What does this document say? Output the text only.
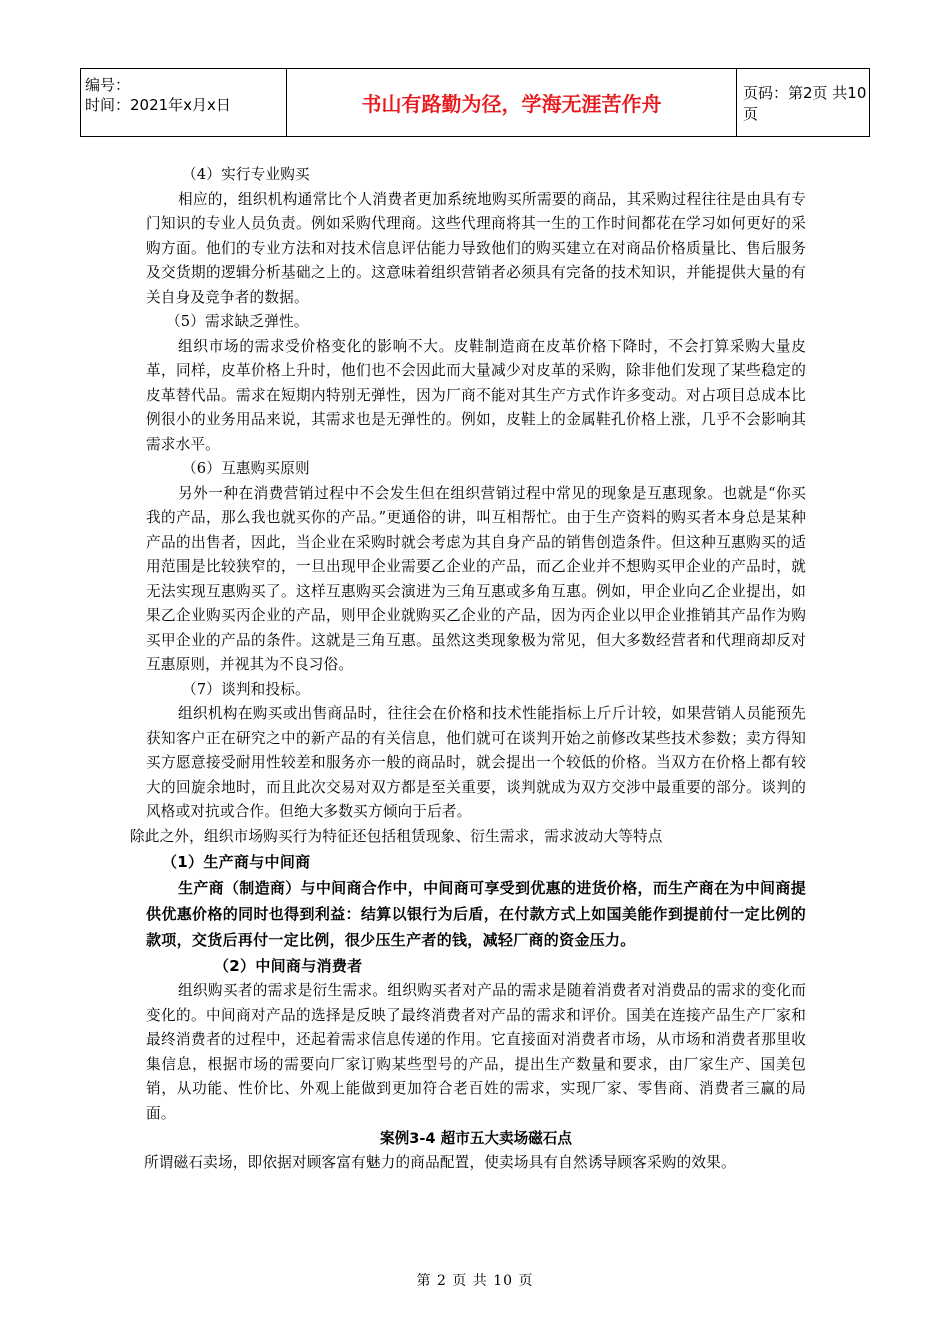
编号：
时间：2021年x月x日	书山有路勤为径，学海无涯苦作舟	页码：第2页 共10页

（4）实行专业购买

相应的，组织机构通常比个人消费者更加系统地购买所需要的商品，其采购过程往往是由具有专门知识的专业人员负责。例如采购代理商。这些代理商将其一生的工作时间都花在学习如何更好的采购方面。他们的专业方法和对技术信息评估能力导致他们的购买建立在对商品价格质量比、售后服务及交货期的逻辑分析基础之上的。这意味着组织营销者必须具有完备的技术知识，并能提供大量的有关自身及竞争者的数据。

（5）需求缺乏弹性。

组织市场的需求受价格变化的影响不大。皮鞋制造商在皮革价格下降时，不会打算采购大量皮革，同样，皮革价格上升时，他们也不会因此而大量减少对皮革的采购，除非他们发现了某些稳定的皮革替代品。需求在短期内特别无弹性，因为厂商不能对其生产方式作许多变动。对占项目总成本比例很小的业务用品来说，其需求也是无弹性的。例如，皮鞋上的金属鞋孔价格上涨，几乎不会影响其需求水平。

（6）互惠购买原则

另外一种在消费营销过程中不会发生但在组织营销过程中常见的现象是互惠现象。也就是“你买我的产品，那么我也就买你的产品。”更通俗的讲，叫互相帮忙。由于生产资料的购买者本身总是某种产品的出售者，因此，当企业在采购时就会考虑为其自身产品的销售创造条件。但这种互惠购买的适用范围是比较狭窄的，一旦出现甲企业需要乙企业的产品，而乙企业并不想购买甲企业的产品时，就无法实现互惠购买了。这样互惠购买会演进为三角互惠或多角互惠。例如，甲企业向乙企业提出，如果乙企业购买丙企业的产品，则甲企业就购买乙企业的产品，因为丙企业以甲企业推销其产品作为购买甲企业的产品的条件。这就是三角互惠。虽然这类现象极为常见，但大多数经营者和代理商却反对互惠原则，并视其为不良习俗。

（7）谈判和投标。

组织机构在购买或出售商品时，往往会在价格和技术性能指标上斤斤计较，如果营销人员能预先获知客户正在研究之中的新产品的有关信息，他们就可在谈判开始之前修改某些技术参数；卖方得知买方愿意接受耐用性较差和服务亦一般的商品时，就会提出一个较低的价格。当双方在价格上都有较大的回旋余地时，而且此次交易对双方都是至关重要，谈判就成为双方交涉中最重要的部分。谈判的风格或对抗或合作。但绝大多数买方倾向于后者。

除此之外，组织市场购买行为特征还包括租赁现象、衍生需求，需求波动大等特点

（1）生产商与中间商

生产商（制造商）与中间商合作中，中间商可享受到优惠的进货价格，而生产商在为中间商提供优惠价格的同时也得到利益：结算以银行为后盾，在付款方式上如国美能作到提前付一定比例的款项，交货后再付一定比例，很少压生产者的钱，减轻厂商的资金压力。

（2）中间商与消费者

组织购买者的需求是衍生需求。组织购买者对产品的需求是随着消费者对消费品的需求的变化而变化的。中间商对产品的选择是反映了最终消费者对产品的需求和评价。国美在连接产品生产厂家和最终消费者的过程中，还起着需求信息传递的作用。它直接面对消费者市场，从市场和消费者那里收集信息，根据市场的需要向厂家订购某些型号的产品，提出生产数量和要求，由厂家生产、国美包销，从功能、性价比、外观上能做到更加符合老百姓的需求，实现厂家、零售商、消费者三赢的局面。

案例3-4 超市五大卖场磁石点

所谓磁石卖场，即依据对顾客富有魅力的商品配置，使卖场具有自然诱导顾客采购的效果。

第 2 页 共 10 页
